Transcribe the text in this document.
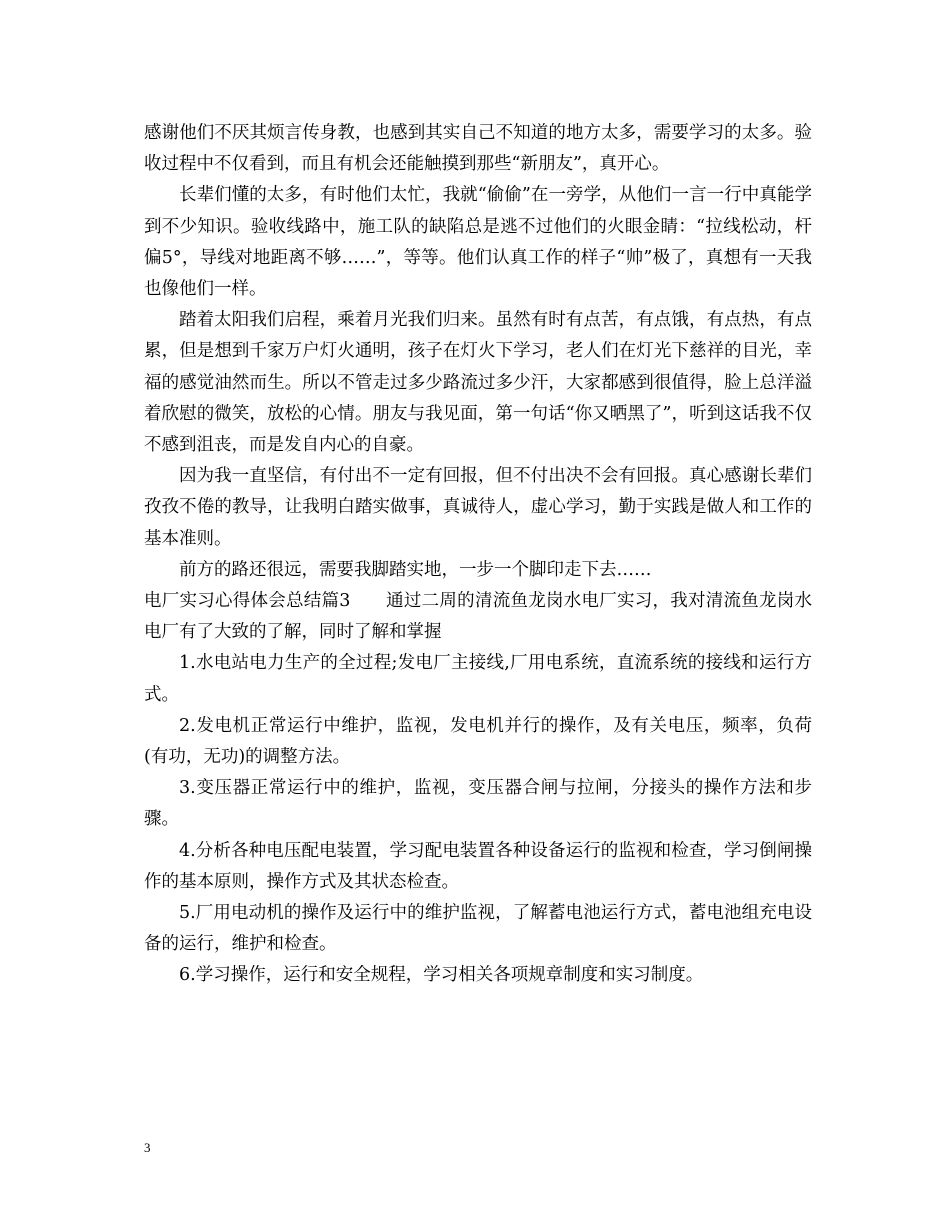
感谢他们不厌其烦言传身教，也感到其实自己不知道的地方太多，需要学习的太多。验收过程中不仅看到，而且有机会还能触摸到那些“新朋友”，真开心。

长辈们懂的太多，有时他们太忙，我就“偷偷”在一旁学，从他们一言一行中真能学到不少知识。验收线路中，施工队的缺陷总是逃不过他们的火眼金睛：“拉线松动，杆偏5°，导线对地距离不够……”，等等。他们认真工作的样子“帅”极了，真想有一天我也像他们一样。

踏着太阳我们启程，乘着月光我们归来。虽然有时有点苦，有点饿，有点热，有点累，但是想到千家万户灯火通明，孩子在灯火下学习，老人们在灯光下慈祥的目光，幸福的感觉油然而生。所以不管走过多少路流过多少汗，大家都感到很值得，脸上总洋溢着欣慰的微笑，放松的心情。朋友与我见面，第一句话“你又晒黑了”，听到这话我不仅不感到沮丧，而是发自内心的自豪。

因为我一直坚信，有付出不一定有回报，但不付出决不会有回报。真心感谢长辈们孜孜不倦的教导，让我明白踏实做事，真诚待人，虚心学习，勤于实践是做人和工作的基本准则。

前方的路还很远，需要我脚踏实地，一步一个脚印走下去……

电厂实习心得体会总结篇3　　通过二周的清流鱼龙岗水电厂实习，我对清流鱼龙岗水电厂有了大致的了解，同时了解和掌握

1.水电站电力生产的全过程;发电厂主接线,厂用电系统，直流系统的接线和运行方式。

2.发电机正常运行中维护，监视，发电机并行的操作，及有关电压，频率，负荷(有功，无功)的调整方法。

3.变压器正常运行中的维护，监视，变压器合闸与拉闸，分接头的操作方法和步骤。

4.分析各种电压配电装置，学习配电装置各种设备运行的监视和检查，学习倒闸操作的基本原则，操作方式及其状态检查。

5.厂用电动机的操作及运行中的维护监视，了解蓄电池运行方式，蓄电池组充电设备的运行，维护和检查。

6.学习操作，运行和安全规程，学习相关各项规章制度和实习制度。

3
